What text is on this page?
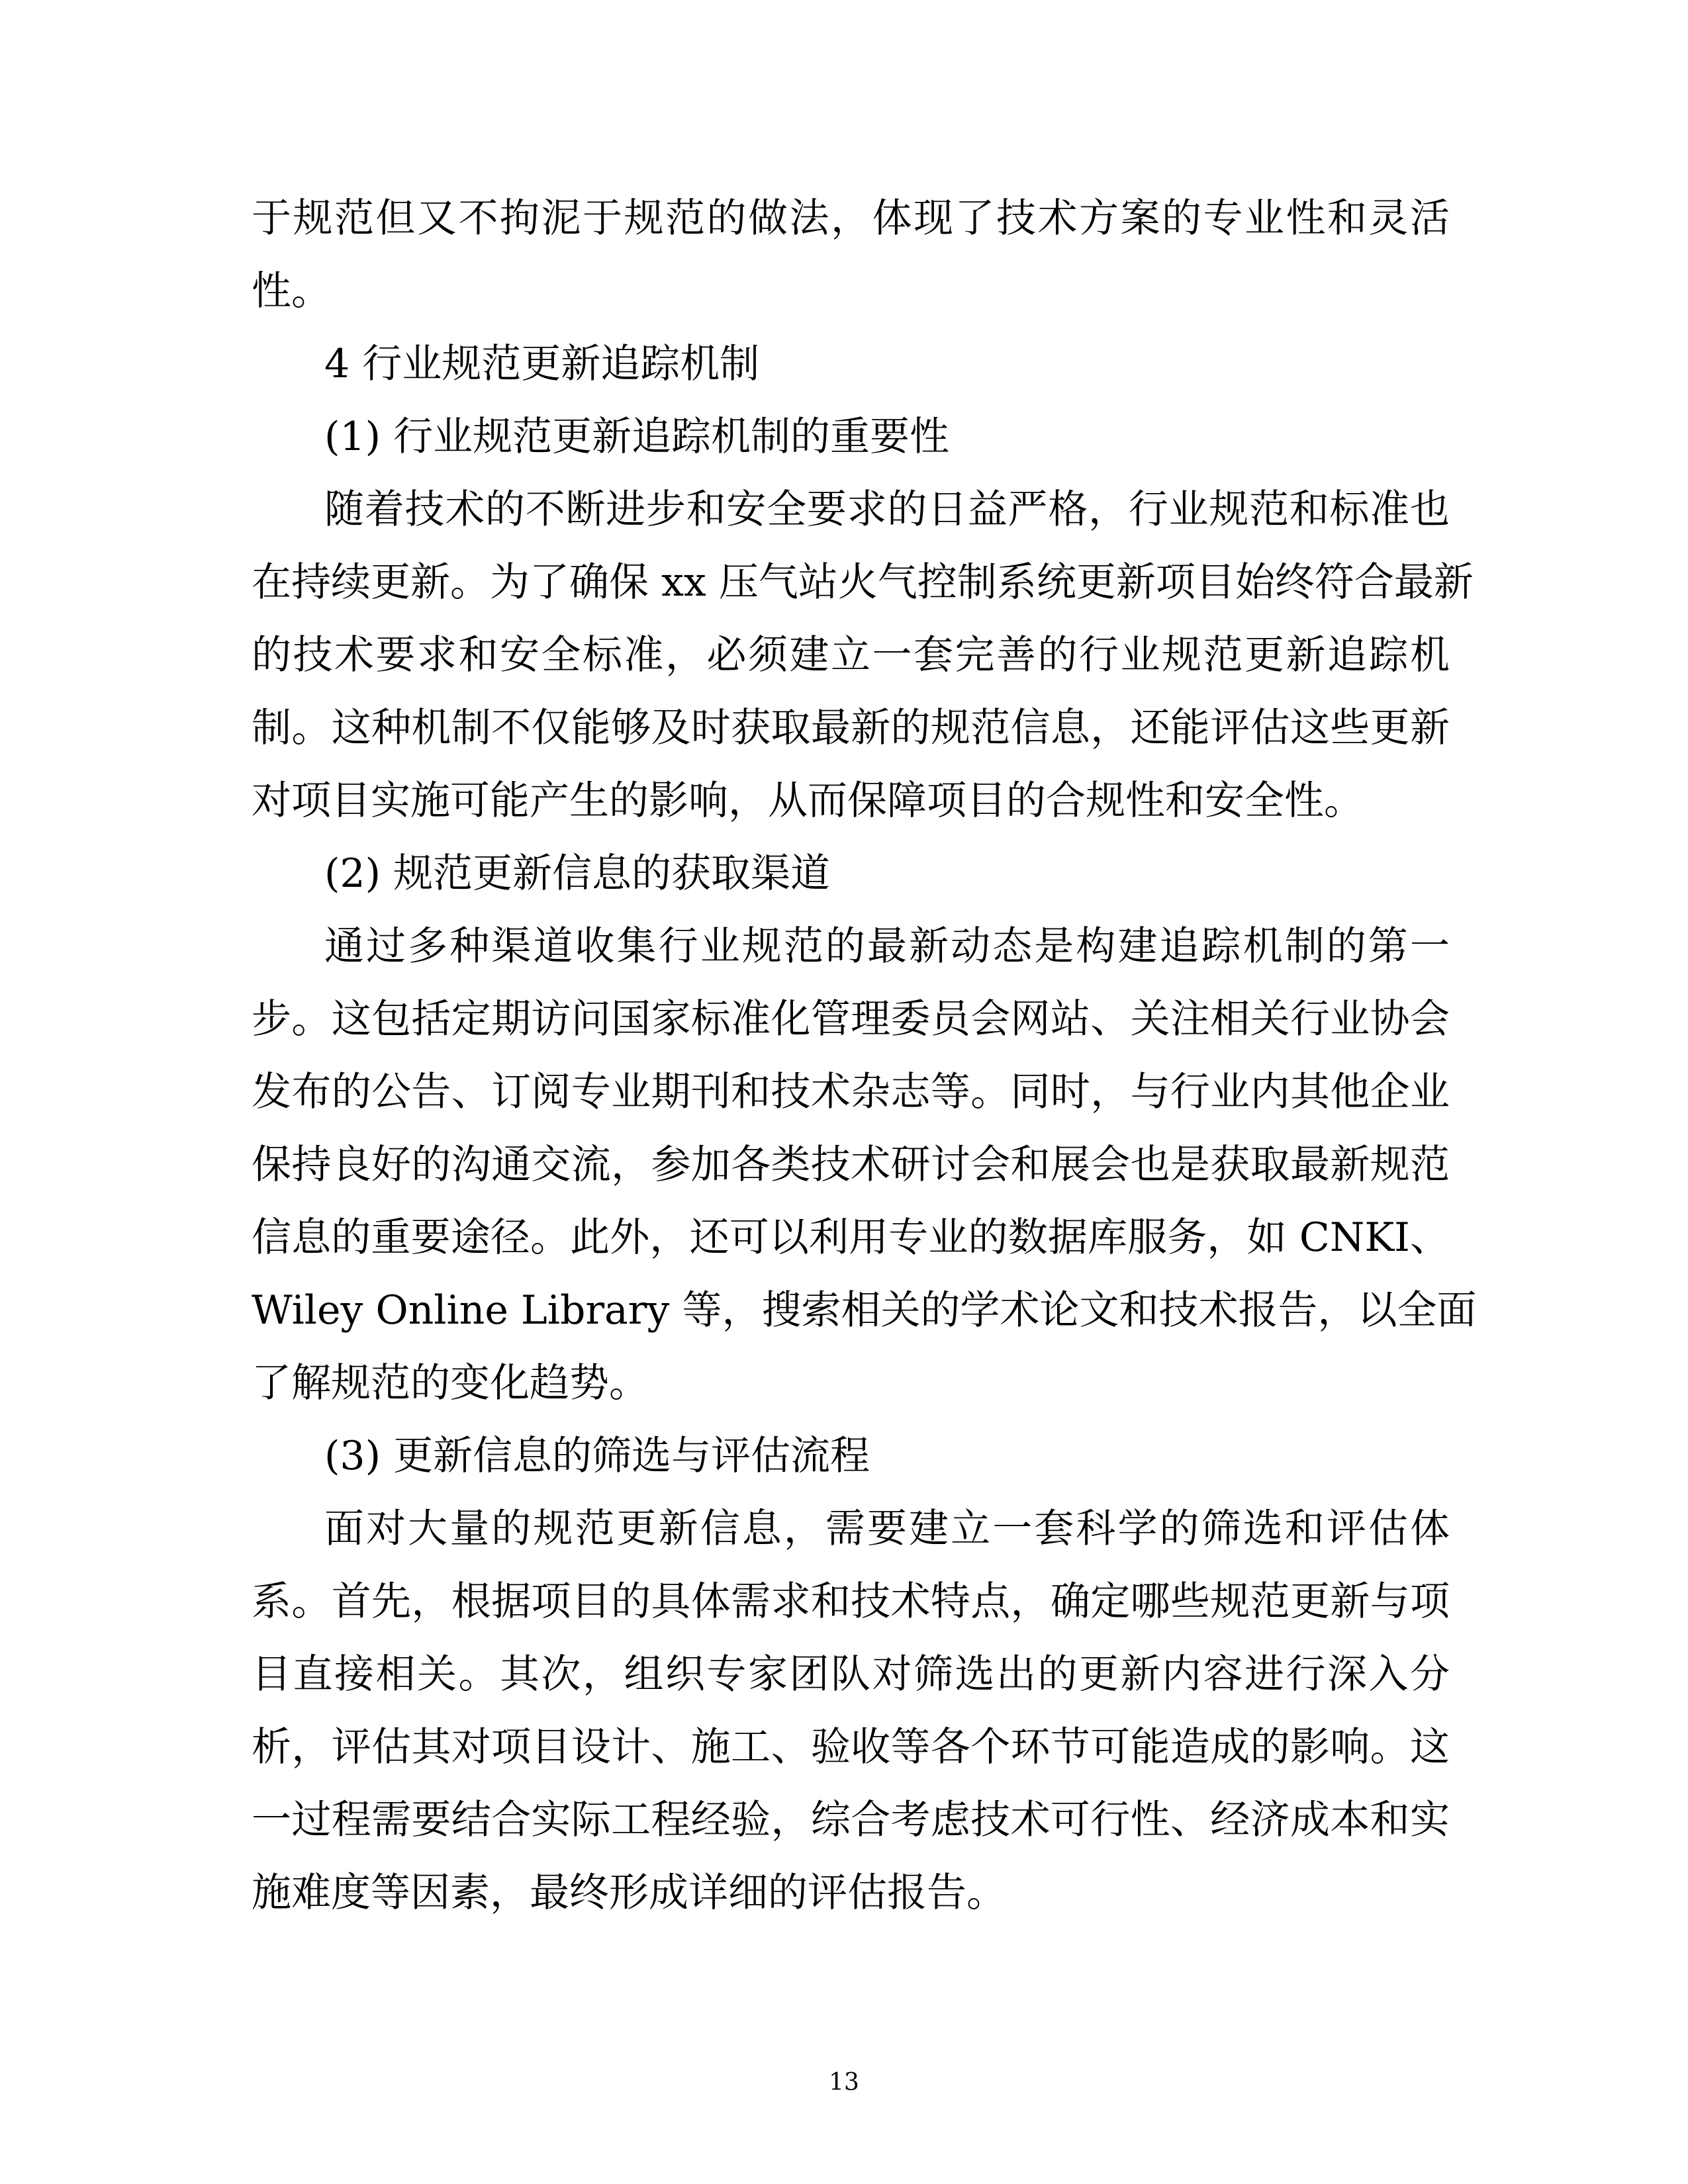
于规范但又不拘泥于规范的做法，体现了技术方案的专业性和灵活

性。

4 行业规范更新追踪机制

(1) 行业规范更新追踪机制的重要性

随着技术的不断进步和安全要求的日益严格，行业规范和标准也

在持续更新。为了确保 xx 压气站火气控制系统更新项目始终符合最新

的技术要求和安全标准，必须建立一套完善的行业规范更新追踪机

制。这种机制不仅能够及时获取最新的规范信息，还能评估这些更新

对项目实施可能产生的影响，从而保障项目的合规性和安全性。

(2) 规范更新信息的获取渠道

通过多种渠道收集行业规范的最新动态是构建追踪机制的第一

步。这包括定期访问国家标准化管理委员会网站、关注相关行业协会

发布的公告、订阅专业期刊和技术杂志等。同时，与行业内其他企业

保持良好的沟通交流，参加各类技术研讨会和展会也是获取最新规范

信息的重要途径。此外，还可以利用专业的数据库服务，如 CNKI、

Wiley Online Library 等，搜索相关的学术论文和技术报告，以全面

了解规范的变化趋势。

(3) 更新信息的筛选与评估流程

面对大量的规范更新信息，需要建立一套科学的筛选和评估体

系。首先，根据项目的具体需求和技术特点，确定哪些规范更新与项

目直接相关。其次，组织专家团队对筛选出的更新内容进行深入分

析，评估其对项目设计、施工、验收等各个环节可能造成的影响。这

一过程需要结合实际工程经验，综合考虑技术可行性、经济成本和实

施难度等因素，最终形成详细的评估报告。

13
